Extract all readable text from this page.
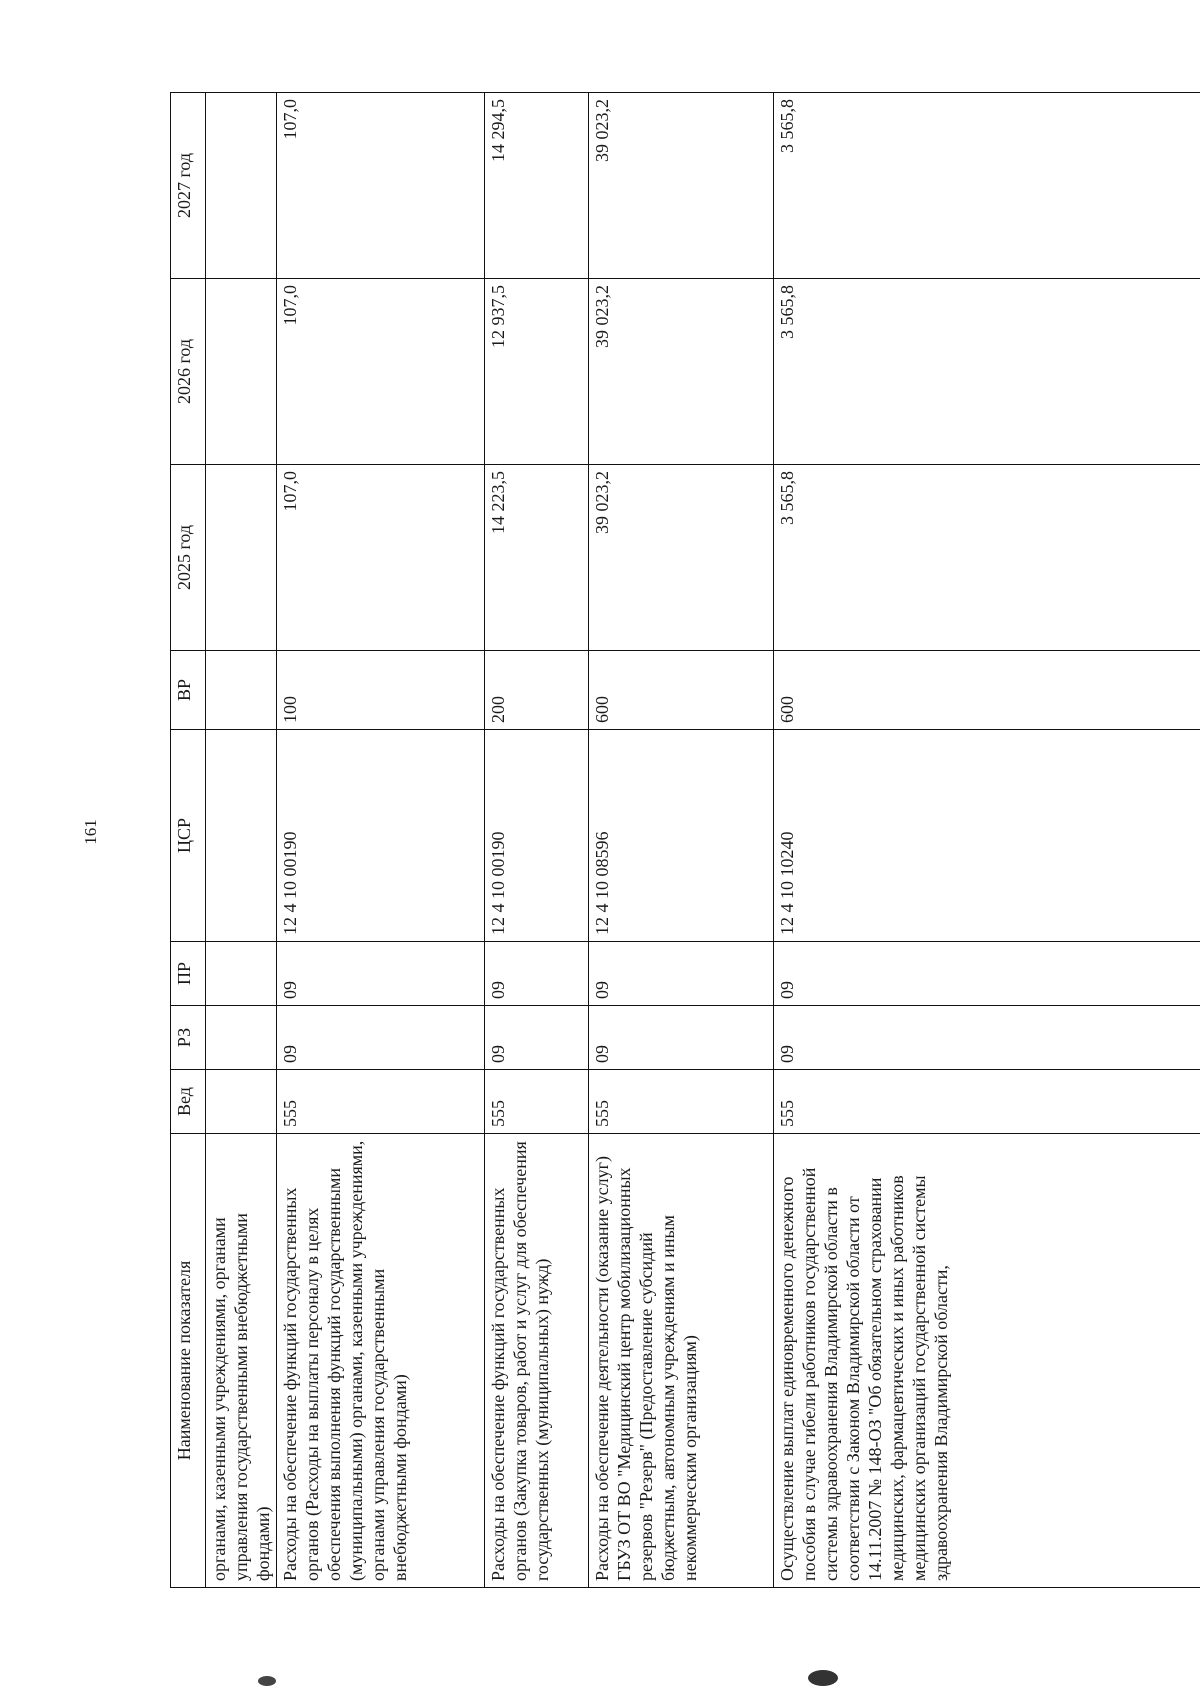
161
Наименование показателя	Вед	РЗ	ПР	ЦСР	ВР	2025 год	2026 год	2027 год
органами, казенными учреждениями, органами управления государственными внебюджетными фондами)								
Расходы на обеспечение функций государственных органов (Расходы на выплаты персоналу в целях обеспечения выполнения функций государственными (муниципальными) органами, казенными учреждениями, органами управления государственными внебюджетными фондами)	555	09	09	12 4 10 00190	100	107,0	107,0	107,0
Расходы на обеспечение функций государственных органов (Закупка товаров, работ и услуг для обеспечения государственных (муниципальных) нужд)	555	09	09	12 4 10 00190	200	14 223,5	12 937,5	14 294,5
Расходы на обеспечение деятельности (оказание услуг) ГБУЗ ОТ ВО "Медицинский центр мобилизационных резервов "Резерв" (Предоставление субсидий бюджетным, автономным учреждениям и иным некоммерческим организациям)	555	09	09	12 4 10 08596	600	39 023,2	39 023,2	39 023,2
Осуществление выплат единовременного денежного пособия в случае гибели работников государственной системы здравоохранения Владимирской области в соответствии с Законом Владимирской области от 14.11.2007 № 148-ОЗ "Об обязательном страховании медицинских, фармацевтических и иных работников медицинских организаций государственной системы здравоохранения Владимирской области,	555	09	09	12 4 10 10240	600	3 565,8	3 565,8	3 565,8
